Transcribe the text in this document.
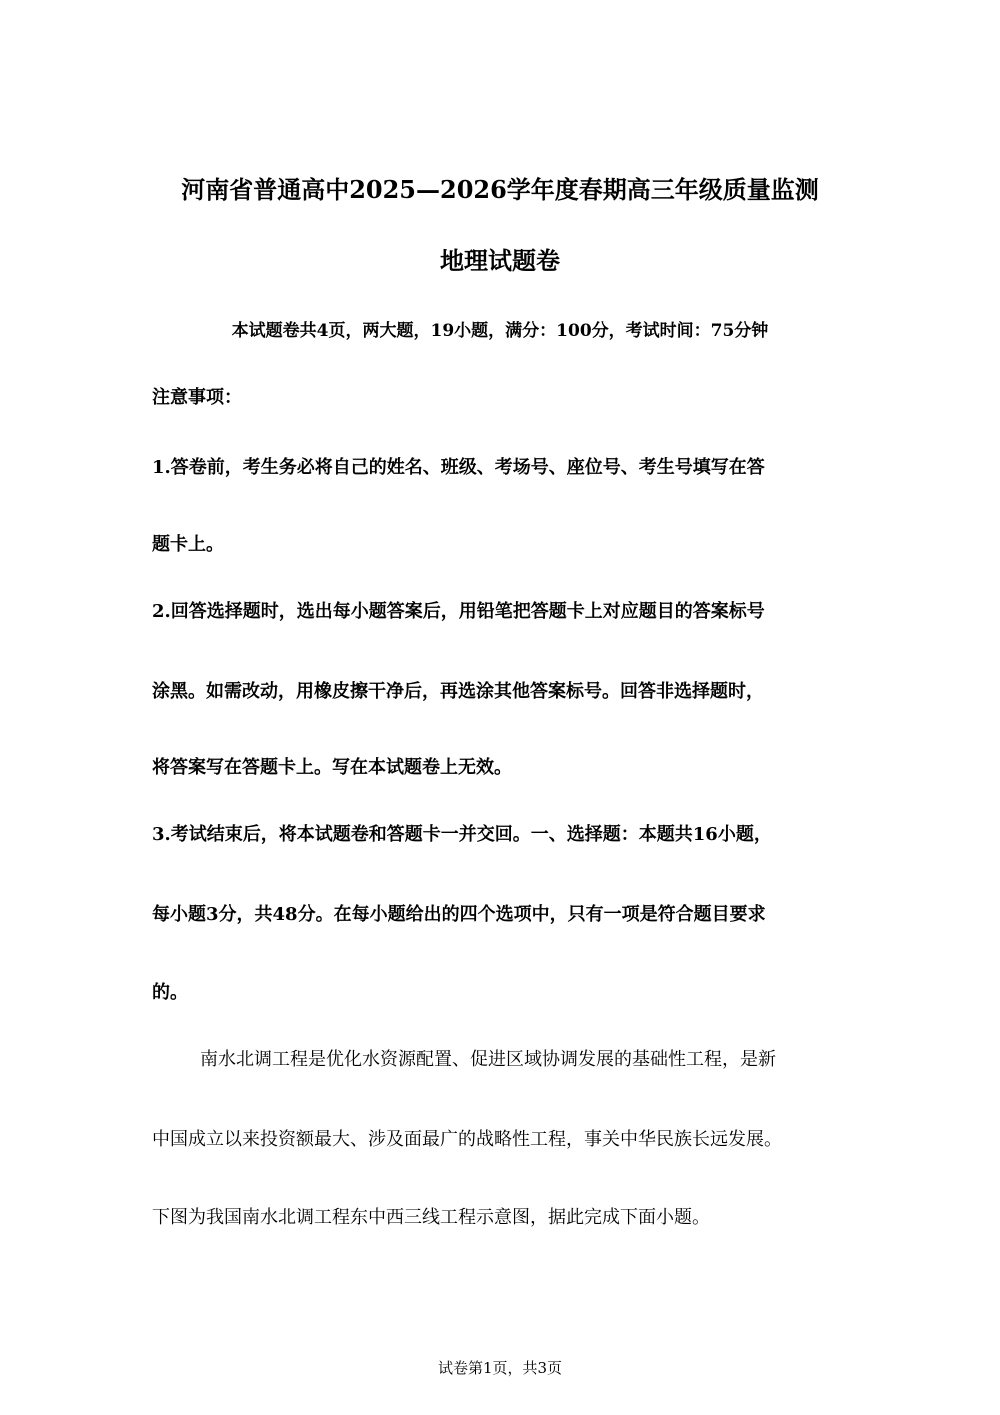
河南省普通高中2025—2026学年度春期高三年级质量监测
地理试题卷
本试题卷共4页，两大题，19小题，满分：100分，考试时间：75分钟
注意事项：
1.答卷前，考生务必将自己的姓名、班级、考场号、座位号、考生号填写在答
题卡上。
2.回答选择题时，选出每小题答案后，用铅笔把答题卡上对应题目的答案标号
涂黑。如需改动，用橡皮擦干净后，再选涂其他答案标号。回答非选择题时，
将答案写在答题卡上。写在本试题卷上无效。
3.考试结束后，将本试题卷和答题卡一并交回。一、选择题：本题共16小题，
每小题3分，共48分。在每小题给出的四个选项中，只有一项是符合题目要求
的。
南水北调工程是优化水资源配置、促进区域协调发展的基础性工程，是新
中国成立以来投资额最大、涉及面最广的战略性工程，事关中华民族长远发展。
下图为我国南水北调工程东中西三线工程示意图，据此完成下面小题。
试卷第1页，共3页
